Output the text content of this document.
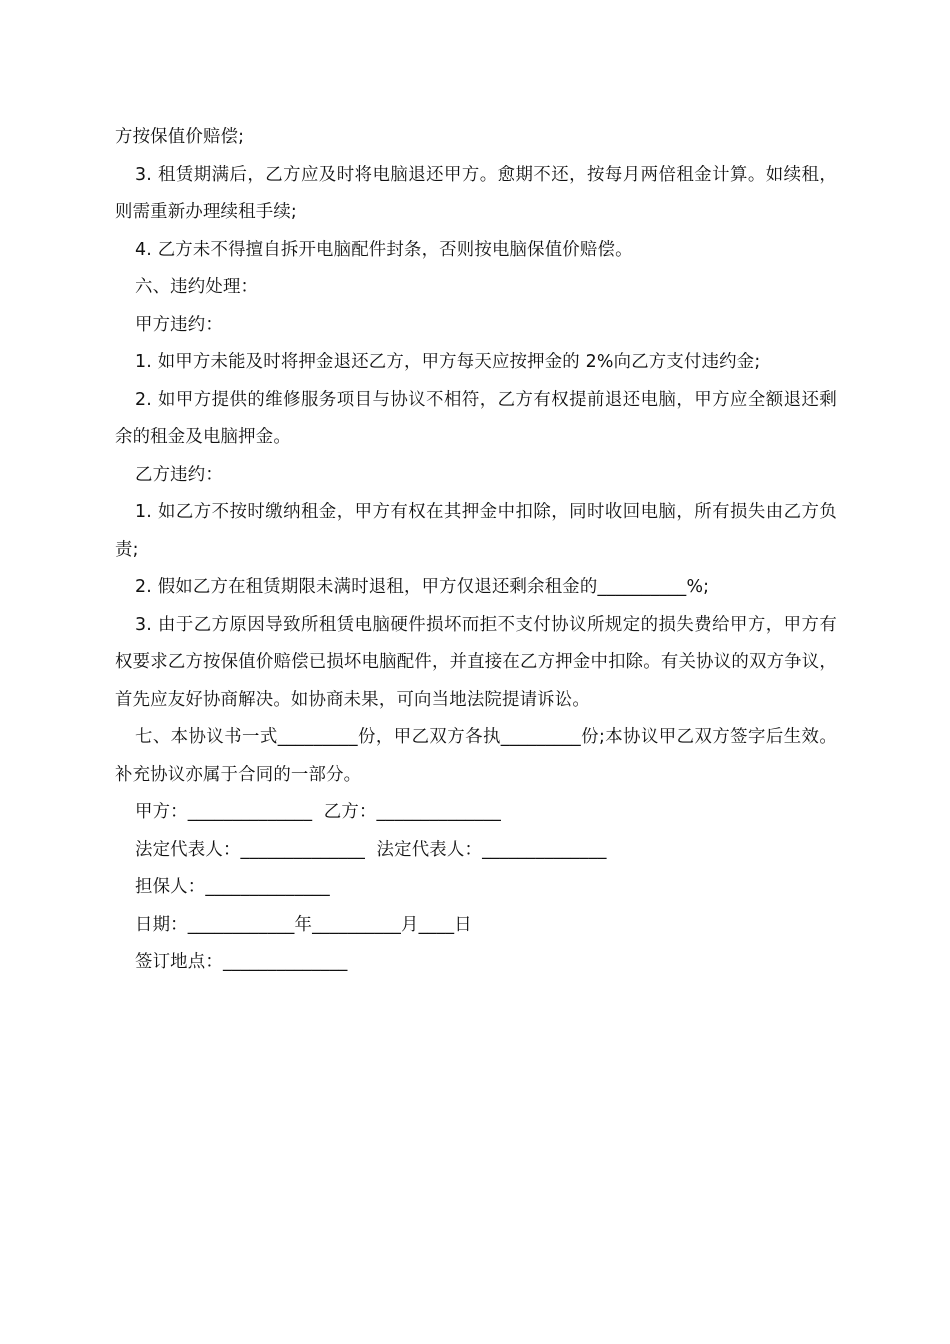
方按保值价赔偿;

3. 租赁期满后，乙方应及时将电脑退还甲方。愈期不还，按每月两倍租金计算。如续租，则需重新办理续租手续;

4. 乙方未不得擅自拆开电脑配件封条，否则按电脑保值价赔偿。

六、违约处理：

甲方违约：

1. 如甲方未能及时将押金退还乙方，甲方每天应按押金的 2%向乙方支付违约金;

2. 如甲方提供的维修服务项目与协议不相符，乙方有权提前退还电脑，甲方应全额退还剩余的租金及电脑押金。

乙方违约：

1. 如乙方不按时缴纳租金，甲方有权在其押金中扣除，同时收回电脑，所有损失由乙方负责;

2. 假如乙方在租赁期限未满时退租，甲方仅退还剩余租金的__________%;

3. 由于乙方原因导致所租赁电脑硬件损坏而拒不支付协议所规定的损失费给甲方，甲方有权要求乙方按保值价赔偿已损坏电脑配件，并直接在乙方押金中扣除。有关协议的双方争议，首先应友好协商解决。如协商未果，可向当地法院提请诉讼。

七、本协议书一式_________份，甲乙双方各执_________份;本协议甲乙双方签字后生效。补充协议亦属于合同的一部分。

甲方：______________  乙方：______________

法定代表人：______________  法定代表人：______________

担保人：______________

日期：____________年__________月____日

签订地点：______________
